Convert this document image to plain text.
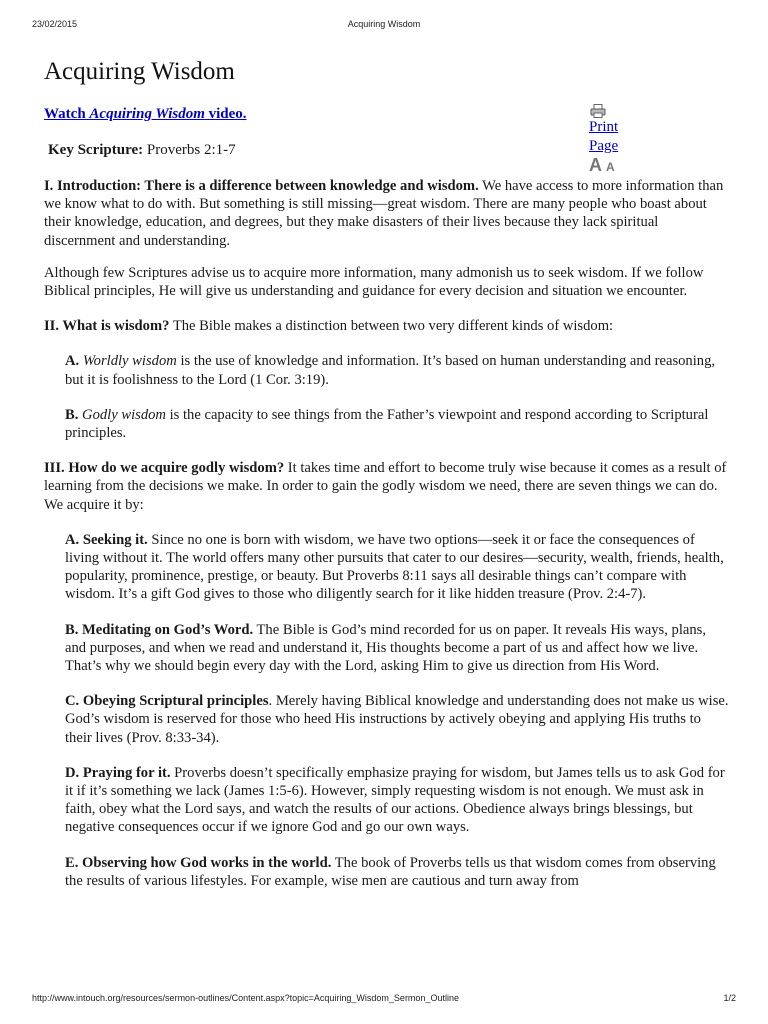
23/02/2015	Acquiring Wisdom
Acquiring Wisdom
Watch Acquiring Wisdom video.
Print
Page
A A
Key Scripture: Proverbs 2:1-7

I. Introduction: There is a difference between knowledge and wisdom. We have access to more information than we know what to do with. But something is still missing—great wisdom. There are many people who boast about their knowledge, education, and degrees, but they make disasters of their lives because they lack spiritual discernment and understanding.

Although few Scriptures advise us to acquire more information, many admonish us to seek wisdom. If we follow Biblical principles, He will give us understanding and guidance for every decision and situation we encounter.

II. What is wisdom? The Bible makes a distinction between two very different kinds of wisdom:

A. Worldly wisdom is the use of knowledge and information. It’s based on human understanding and reasoning, but it is foolishness to the Lord (1 Cor. 3:19).

B. Godly wisdom is the capacity to see things from the Father’s viewpoint and respond according to Scriptural principles.

III. How do we acquire godly wisdom? It takes time and effort to become truly wise because it comes as a result of learning from the decisions we make. In order to gain the godly wisdom we need, there are seven things we can do. We acquire it by:

A. Seeking it. Since no one is born with wisdom, we have two options—seek it or face the consequences of living without it. The world offers many other pursuits that cater to our desires—security, wealth, friends, health, popularity, prominence, prestige, or beauty. But Proverbs 8:11 says all desirable things can’t compare with wisdom. It’s a gift God gives to those who diligently search for it like hidden treasure (Prov. 2:4-7).

B. Meditating on God’s Word. The Bible is God’s mind recorded for us on paper. It reveals His ways, plans, and purposes, and when we read and understand it, His thoughts become a part of us and affect how we live. That’s why we should begin every day with the Lord, asking Him to give us direction from His Word.

C. Obeying Scriptural principles. Merely having Biblical knowledge and understanding does not make us wise. God’s wisdom is reserved for those who heed His instructions by actively obeying and applying His truths to their lives (Prov. 8:33-34).

D. Praying for it. Proverbs doesn’t specifically emphasize praying for wisdom, but James tells us to ask God for it if it’s something we lack (James 1:5-6). However, simply requesting wisdom is not enough. We must ask in faith, obey what the Lord says, and watch the results of our actions. Obedience always brings blessings, but negative consequences occur if we ignore God and go our own ways.

E. Observing how God works in the world. The book of Proverbs tells us that wisdom comes from observing the results of various lifestyles. For example, wise men are cautious and turn away from

http://www.intouch.org/resources/sermon-outlines/Content.aspx?topic=Acquiring_Wisdom_Sermon_Outline	1/2
